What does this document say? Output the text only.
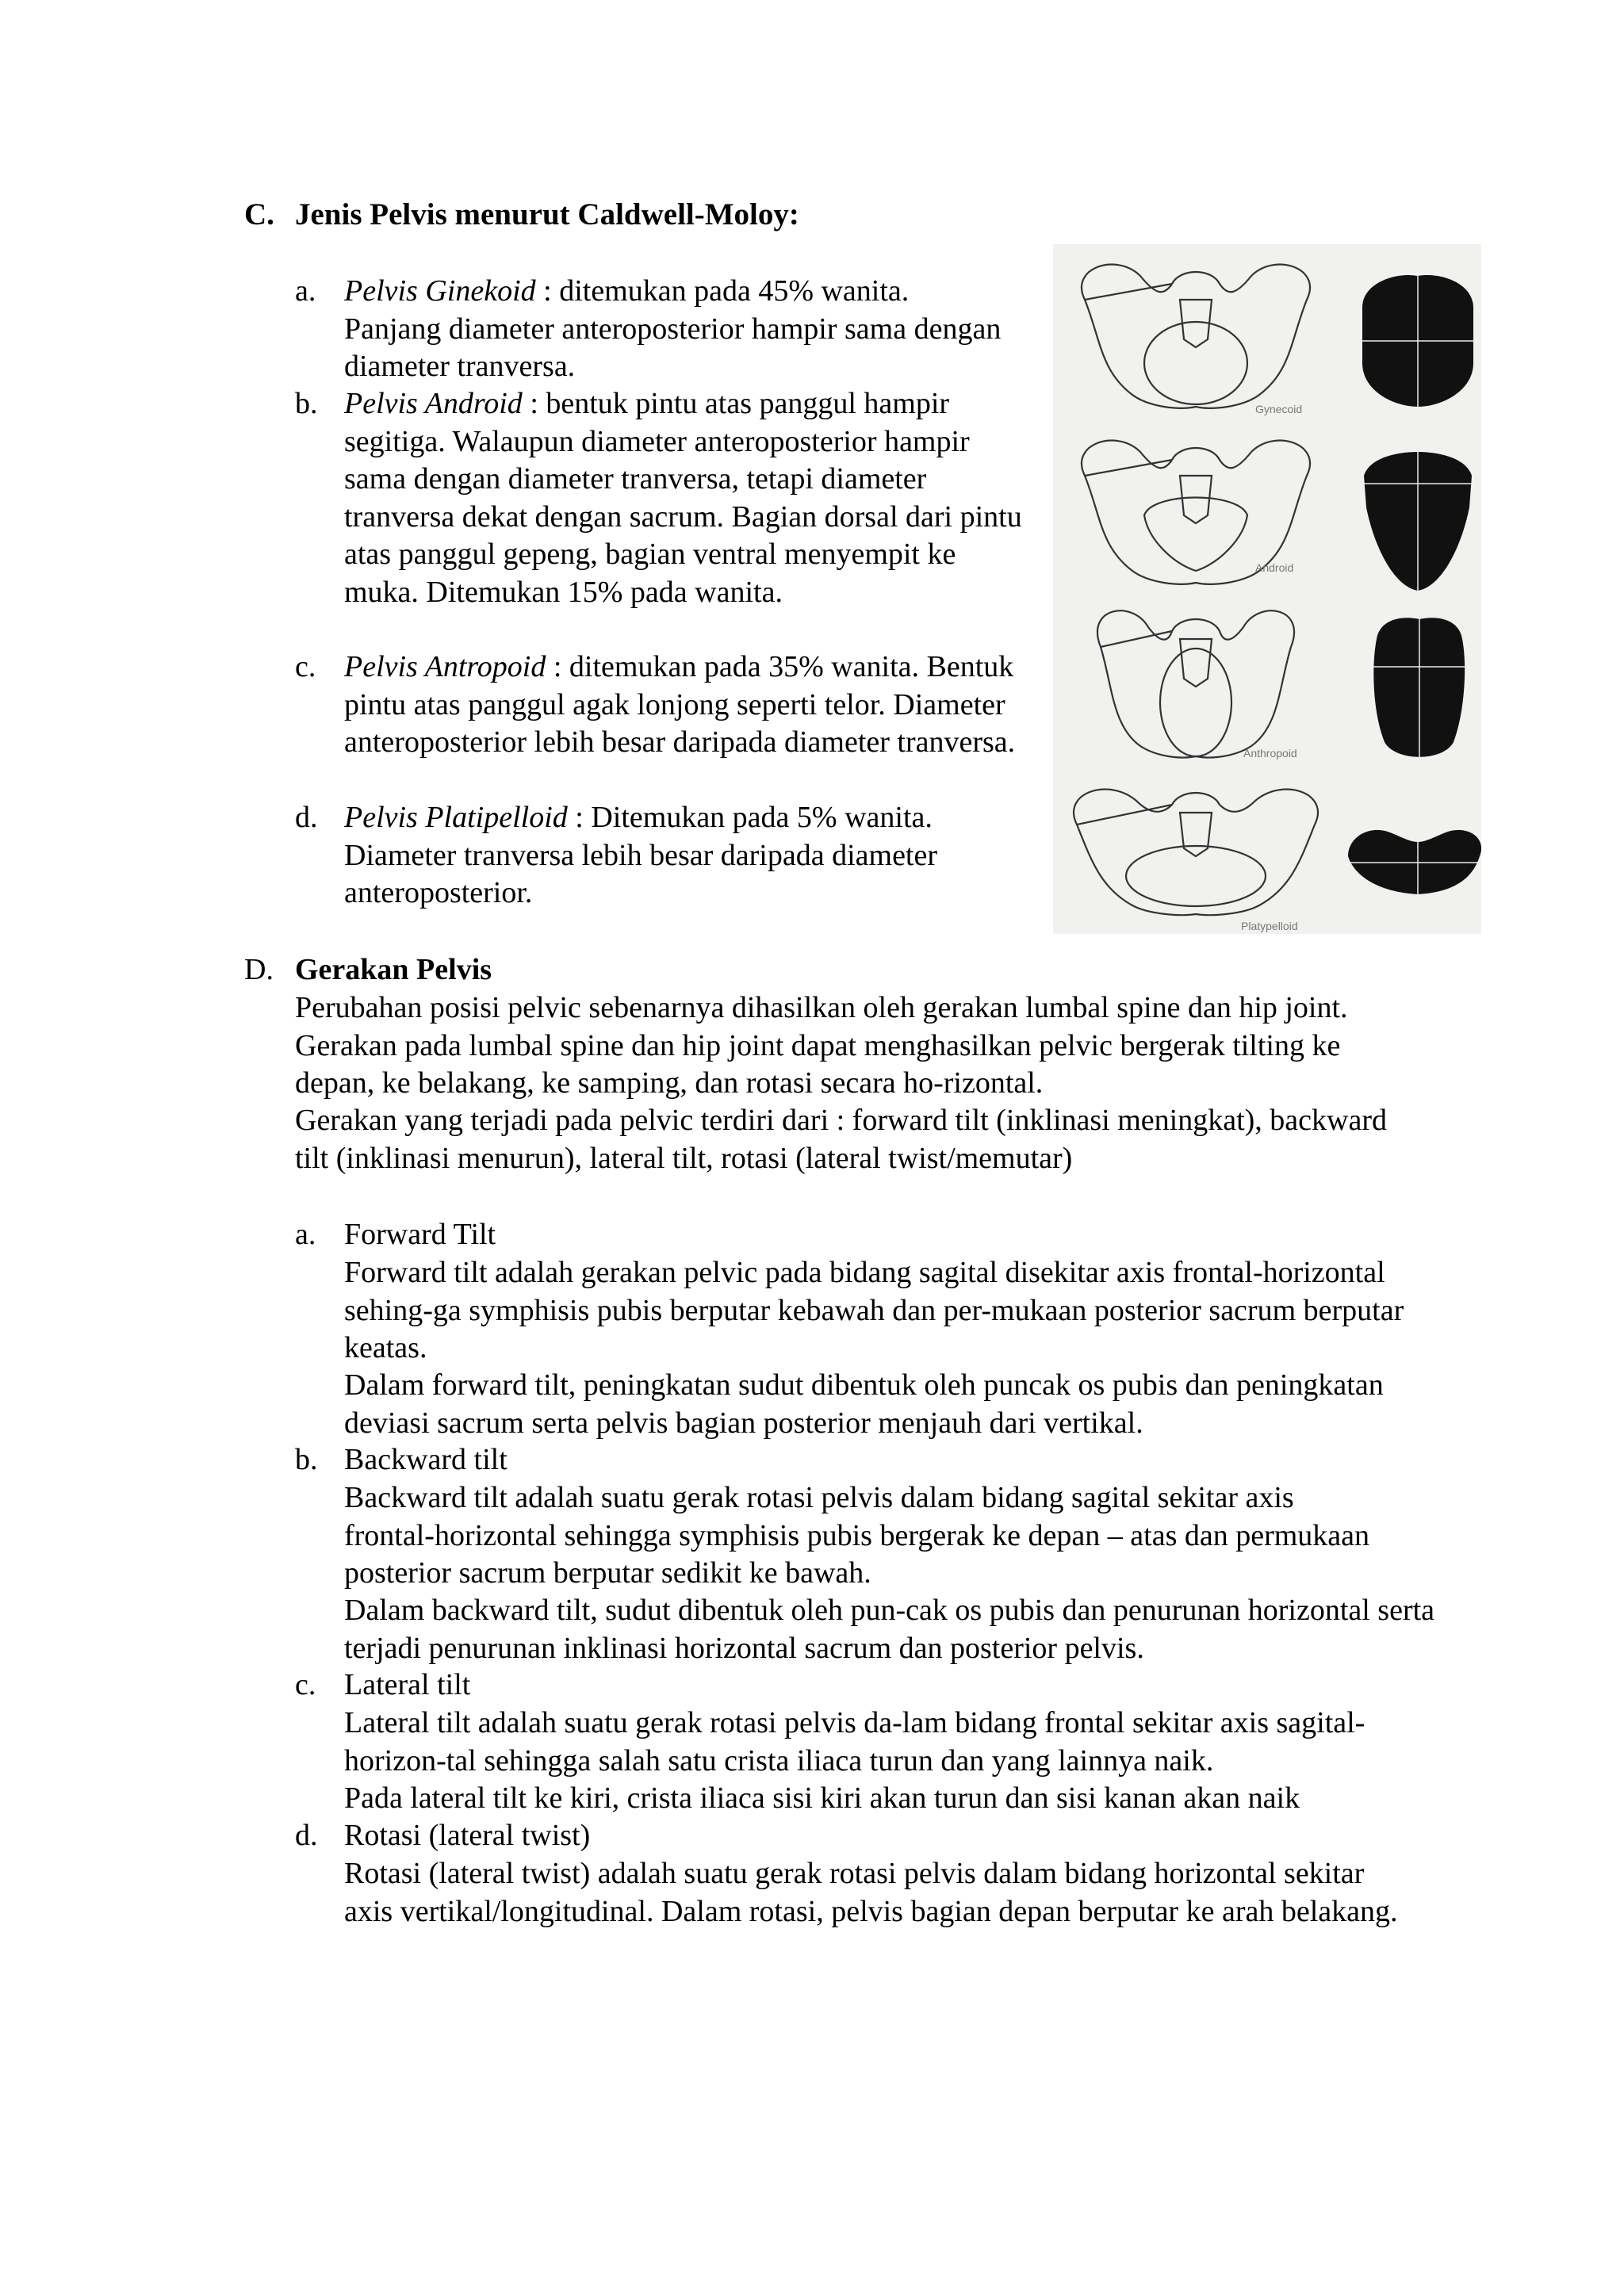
C. Jenis Pelvis menurut Caldwell-Moloy:
a. Pelvis Ginekoid : ditemukan pada 45% wanita. Panjang diameter anteroposterior hampir sama dengan diameter tranversa.
b. Pelvis Android : bentuk pintu atas panggul hampir segitiga. Walaupun diameter anteroposterior hampir sama dengan diameter tranversa, tetapi diameter tranversa dekat dengan sacrum. Bagian dorsal dari pintu atas panggul gepeng, bagian ventral menyempit ke muka. Ditemukan 15% pada wanita.
c. Pelvis Antropoid : ditemukan pada 35% wanita. Bentuk pintu atas panggul agak lonjong seperti telor. Diameter anteroposterior lebih besar daripada diameter tranversa.
d. Pelvis Platipelloid : Ditemukan pada 5% wanita. Diameter tranversa lebih besar daripada diameter anteroposterior.
Gynecoid
Android
Anthropoid
Platypelloid
D. Gerakan Pelvis
Perubahan posisi pelvic sebenarnya dihasilkan oleh gerakan lumbal spine dan hip joint. Gerakan pada lumbal spine dan hip joint dapat menghasilkan pelvic bergerak tilting ke depan, ke belakang, ke samping, dan rotasi secara ho-rizontal.
Gerakan yang terjadi pada pelvic terdiri dari : forward tilt (inklinasi meningkat), backward tilt (inklinasi menurun), lateral tilt, rotasi (lateral twist/memutar)
a. Forward Tilt
Forward tilt adalah gerakan pelvic pada bidang sagital disekitar axis frontal-horizontal sehing-ga symphisis pubis berputar kebawah dan per-mukaan posterior sacrum berputar keatas.
Dalam forward tilt, peningkatan sudut dibentuk oleh puncak os pubis dan peningkatan deviasi sacrum serta pelvis bagian posterior menjauh dari vertikal.
b. Backward tilt
Backward tilt adalah suatu gerak rotasi pelvis dalam bidang sagital sekitar axis frontal-horizontal sehingga symphisis pubis bergerak ke depan – atas dan permukaan posterior sacrum berputar sedikit ke bawah.
Dalam backward tilt, sudut dibentuk oleh pun-cak os pubis dan penurunan horizontal serta terjadi penurunan inklinasi horizontal sacrum dan posterior pelvis.
c. Lateral tilt
Lateral tilt adalah suatu gerak rotasi pelvis da-lam bidang frontal sekitar axis sagital-horizon-tal sehingga salah satu crista iliaca turun dan yang lainnya naik.
Pada lateral tilt ke kiri, crista iliaca sisi kiri akan turun dan sisi kanan akan naik
d. Rotasi (lateral twist)
Rotasi (lateral twist) adalah suatu gerak rotasi pelvis dalam bidang horizontal sekitar axis vertikal/longitudinal. Dalam rotasi, pelvis bagian depan berputar ke arah belakang.
